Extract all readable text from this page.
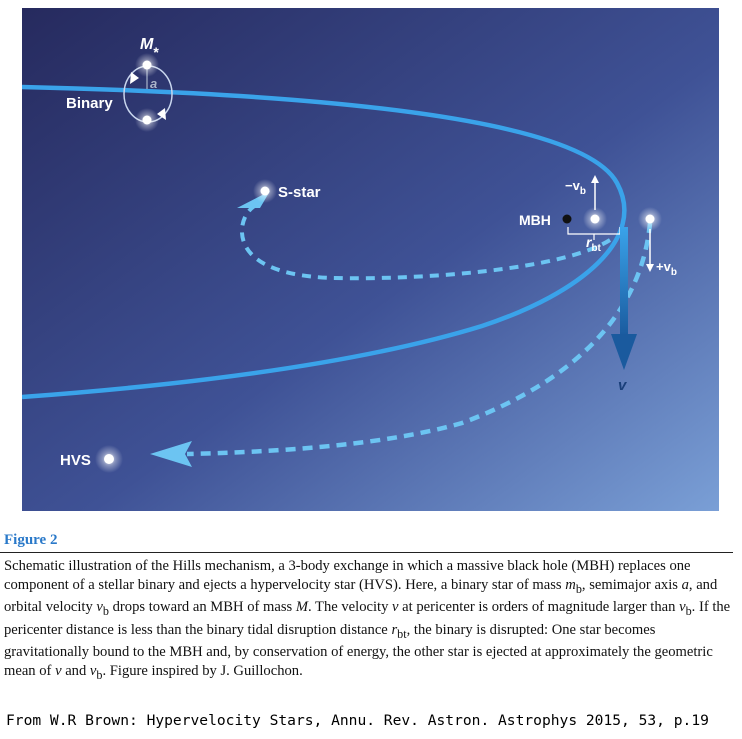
a
M*
Binary
S-star
MBH
$-v_b$
$+v_b$
$r_{bt}$
v
HVS
Figure 2
Schematic illustration of the Hills mechanism, a 3-body exchange in which a massive black hole (MBH) replaces one component of a stellar binary and ejects a hypervelocity star (HVS). Here, a binary star of mass $m_b$, semimajor axis a, and orbital velocity $v_b$ drops toward an MBH of mass M. The velocity v at pericenter is orders of magnitude larger than $v_b$. If the pericenter distance is less than the binary tidal disruption distance $r_{bt}$, the binary is disrupted: One star becomes gravitationally bound to the MBH and, by conservation of energy, the other star is ejected at approximately the geometric mean of v and $v_b$. Figure inspired by J. Guillochon.
From W.R Brown: Hypervelocity Stars, Annu. Rev. Astron. Astrophys 2015, 53, p.19
